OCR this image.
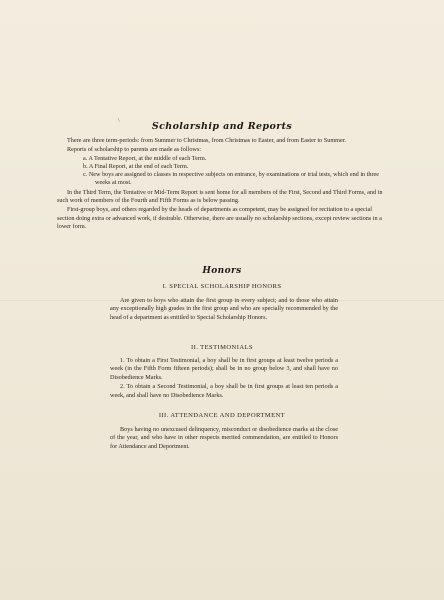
\	Scholarship and Reports

There are three term-periods: from Summer to Christmas, from Christmas to Easter, and from Easter to Summer.

Reports of scholarship to parents are made as follows:

a. A Tentative Report, at the middle of each Term.

b. A Final Report, at the end of each Term.

c. New boys are assigned to classes in respective subjects on entrance, by examinations or trial tests, which end in three weeks at most.

In the Third Term, the Tentative or Mid-Term Report is sent home for all members of the First, Second and Third Forms, and in such work of members of the Fourth and Fifth Forms as is below passing.

First-group boys, and others regarded by the heads of departments as competent, may be assigned for recitation to a special section doing extra or advanced work, if desirable. Otherwise, there are usually no scholarship sections, except review sections in a lower form.

Honors
I. SPECIAL SCHOLARSHIP HONORS

Are given to boys who attain the first group in every subject; and to those who attain any exceptionally high grades in the first group and who are specially recommended by the head of a department as entitled to Special Scholarship Honors.

II. TESTIMONIALS

1. To obtain a First Testimonial, a boy shall be in first groups at least twelve periods a week (in the Fifth Form fifteen periods); shall be in no group below 3, and shall have no Disobedience Marks.

2. To obtain a Second Testimonial, a boy shall be in first groups at least ten periods a week, and shall have no Disobedience Marks.

III. ATTENDANCE AND DEPORTMENT

Boys having no unexcused delinquency, misconduct or disobedience marks at the close of the year, and who have in other respects merited commendation, are entitled to Honors for Attendance and Deportment.
